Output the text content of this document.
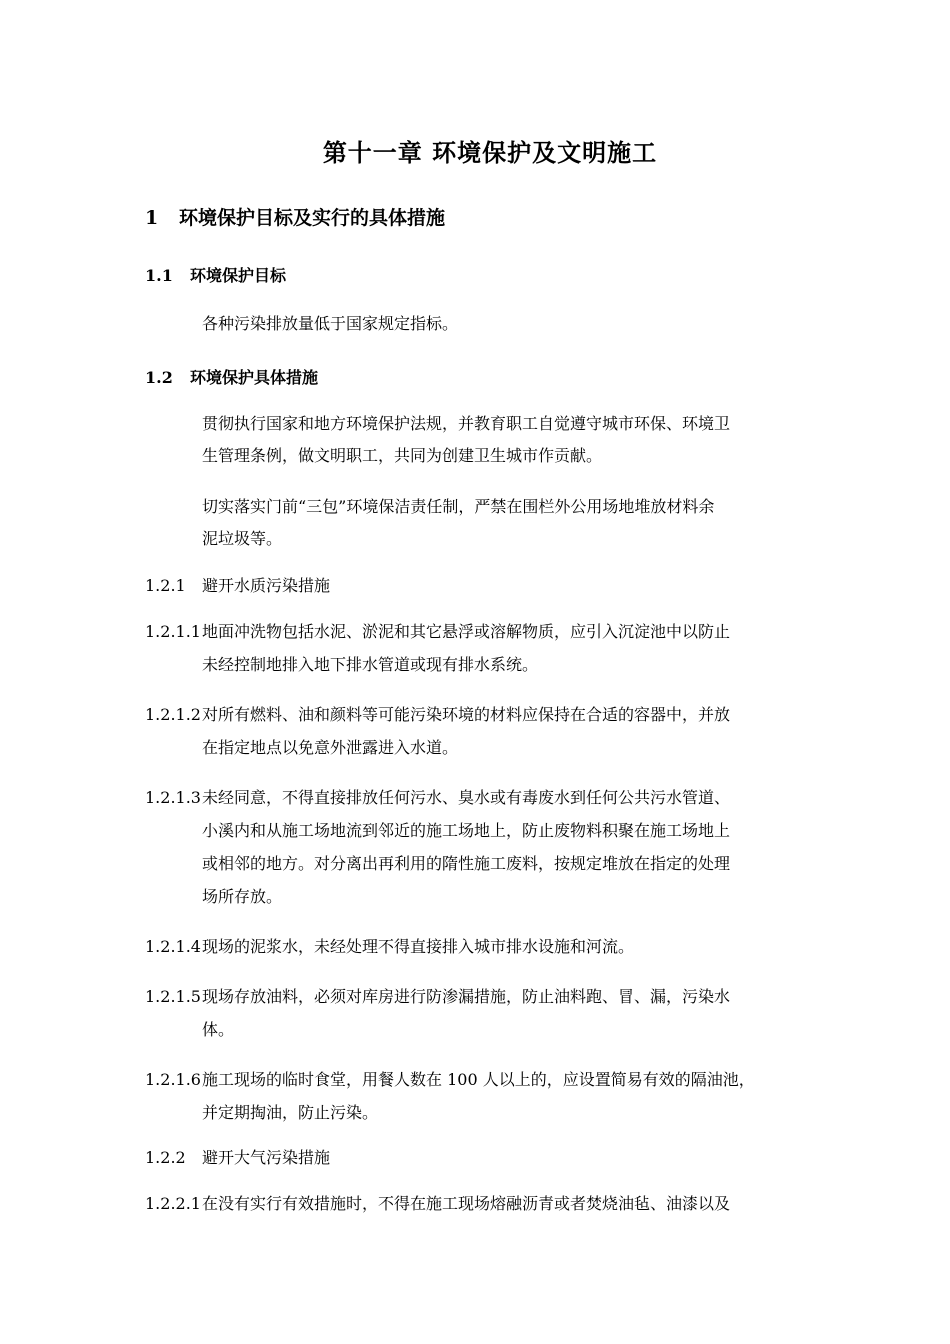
第十一章 环境保护及文明施工
1 环境保护目标及实行的具体措施
1.1 环境保护目标
各种污染排放量低于国家规定指标。
1.2 环境保护具体措施
贯彻执行国家和地方环境保护法规，并教育职工自觉遵守城市环保、环境卫
生管理条例，做文明职工，共同为创建卫生城市作贡献。
切实落实门前“三包”环境保洁责任制，严禁在围栏外公用场地堆放材料余
泥垃圾等。
1.2.1 避开水质污染措施
1.2.1.1地面冲洗物包括水泥、淤泥和其它悬浮或溶解物质，应引入沉淀池中以防止
未经控制地排入地下排水管道或现有排水系统。
1.2.1.2对所有燃料、油和颜料等可能污染环境的材料应保持在合适的容器中，并放
在指定地点以免意外泄露进入水道。
1.2.1.3未经同意，不得直接排放任何污水、臭水或有毒废水到任何公共污水管道、
小溪内和从施工场地流到邻近的施工场地上，防止废物料积聚在施工场地上
或相邻的地方。对分离出再利用的隋性施工废料，按规定堆放在指定的处理
场所存放。
1.2.1.4现场的泥浆水，未经处理不得直接排入城市排水设施和河流。
1.2.1.5现场存放油料，必须对库房进行防渗漏措施，防止油料跑、冒、漏，污染水
体。
1.2.1.6施工现场的临时食堂，用餐人数在 100 人以上的，应设置简易有效的隔油池，
并定期掏油，防止污染。
1.2.2 避开大气污染措施
1.2.2.1在没有实行有效措施时，不得在施工现场熔融沥青或者焚烧油毡、油漆以及
